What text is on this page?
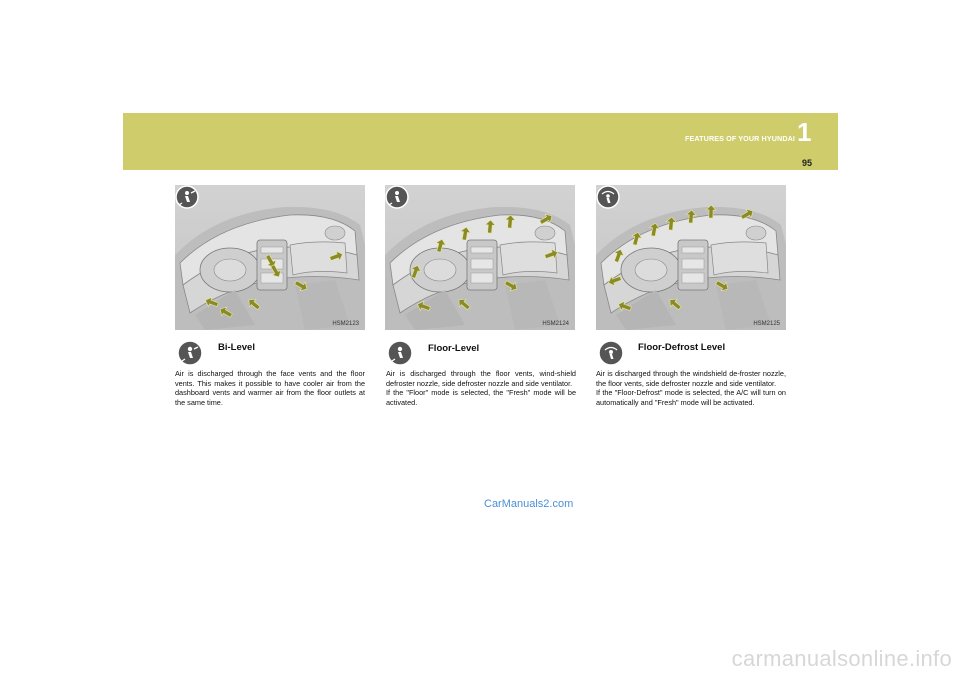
FEATURES OF YOUR HYUNDAI 1
95
HSM2123
Bi-Level
Air is discharged through the face vents and the floor vents. This makes it possible to have cooler air from the dashboard vents and warmer air from the floor outlets at the same time.
HSM2124
Floor-Level
Air is discharged through the floor vents, wind-shield defroster nozzle, side defroster nozzle and side ventilator.
If the "Floor" mode is selected, the "Fresh" mode will be activated.
HSM2125
Floor-Defrost Level
Air is discharged through the windshield de-froster nozzle, the floor vents, side defroster nozzle and side ventilator.
If the "Floor-Defrost" mode is selected, the A/C will turn on automatically and "Fresh" mode will be activated.
CarManuals2.com
carmanualsonline.info
